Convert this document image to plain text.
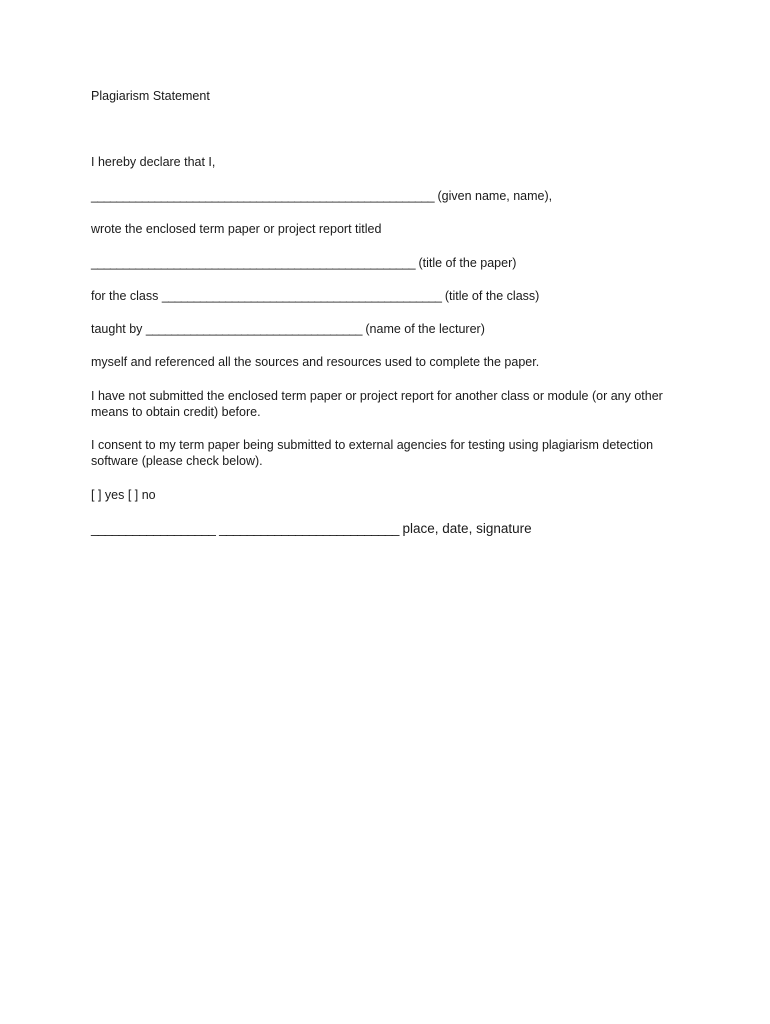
Plagiarism Statement
I hereby declare that I,
______________________________________________________ (given name, name),
wrote the enclosed term paper or project report titled
___________________________________________________ (title of the paper)
for the class ____________________________________________ (title of the class)
taught by __________________________________ (name of the lecturer)
myself and referenced all the sources and resources used to complete the paper.
I have not submitted the enclosed term paper or project report for another class or module (or any other means to obtain credit) before.
I consent to my term paper being submitted to external agencies for testing using plagiarism detection software (please check below).
[ ] yes [ ] no
__________________ __________________________ place, date, signature
